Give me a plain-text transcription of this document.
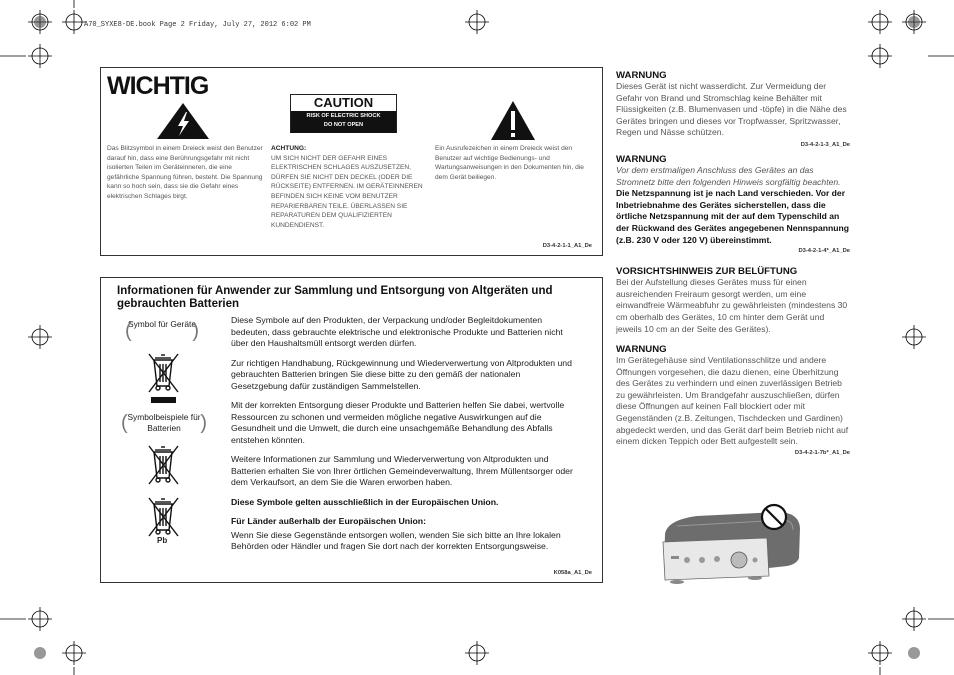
A70_SYXE8-DE.book Page 2 Friday, July 27, 2012 6:02 PM
WICHTIG
CAUTION
RISK OF ELECTRIC SHOCK
DO NOT OPEN
Das Blitzsymbol in einem Dreieck weist den Benutzer darauf hin, dass eine Berührungsgefahr mit nicht isolierten Teilen im Geräteinneren, die eine gefährliche Spannung führen, besteht. Die Spannung kann so hoch sein, dass sie die Gefahr eines elektrischen Schlages birgt.
ACHTUNG:
UM SICH NICHT DER GEFAHR EINES ELEKTRISCHEN SCHLAGES AUSZUSETZEN, DÜRFEN SIE NICHT DEN DECKEL (ODER DIE RÜCKSEITE) ENTFERNEN. IM GERÄTEINNEREN BEFINDEN SICH KEINE VOM BENUTZER REPARIERBAREN TEILE. ÜBERLASSEN SIE REPARATUREN DEM QUALIFIZIERTEN KUNDENDIENST.
Ein Ausrufezeichen in einem Dreieck weist den Benutzer auf wichtige Bedienungs- und Wartungsanweisungen in den Dokumenten hin, die dem Gerät beiliegen.
D3-4-2-1-1_A1_De
Informationen für Anwender zur Sammlung und Entsorgung von Altgeräten und gebrauchten Batterien
(
Symbol für Geräte
)
( Symbolbeispiele für Batterien )
Pb

Diese Symbole auf den Produkten, der Verpackung und/oder Begleitdokumenten bedeuten, dass gebrauchte elektrische und elektronische Produkte und Batterien nicht über den Haushaltsmüll entsorgt werden dürfen.

Zur richtigen Handhabung, Rückgewinnung und Wiederverwertung von Altprodukten und gebrauchten Batterien bringen Sie diese bitte zu den gemäß der nationalen Gesetzgebung dafür zuständigen Sammelstellen.

Mit der korrekten Entsorgung dieser Produkte und Batterien helfen Sie dabei, wertvolle Ressourcen zu schonen und vermeiden mögliche negative Auswirkungen auf die Gesundheit und die Umwelt, die durch eine unsachgemäße Behandlung des Abfalls entstehen könnten.

Weitere Informationen zur Sammlung und Wiederverwertung von Altprodukten und Batterien erhalten Sie von Ihrer örtlichen Gemeindeverwaltung, Ihrem Müllentsorger oder dem Verkaufsort, an dem Sie die Waren erworben haben.

Diese Symbole gelten ausschließlich in der Europäischen Union.

Für Länder außerhalb der Europäischen Union:
Wenn Sie diese Gegenstände entsorgen wollen, wenden Sie sich bitte an Ihre lokalen Behörden oder Händler und fragen Sie dort nach der korrekten Entsorgungsweise.

K058a_A1_De
WARNUNG
Dieses Gerät ist nicht wasserdicht. Zur Vermeidung der Gefahr von Brand und Stromschlag keine Behälter mit Flüssigkeiten (z.B. Blumenvasen und -töpfe) in die Nähe des Gerätes bringen und dieses vor Tropfwasser, Spritzwasser, Regen und Nässe schützen.
D3-4-2-1-3_A1_De
WARNUNG
Vor dem erstmaligen Anschluss des Gerätes an das Stromnetz bitte den folgenden Hinweis sorgfältig beachten.
Die Netzspannung ist je nach Land verschieden. Vor der Inbetriebnahme des Gerätes sicherstellen, dass die örtliche Netzspannung mit der auf dem Typenschild an der Rückwand des Gerätes angegebenen Nennspannung (z.B. 230 V oder 120 V) übereinstimmt.
D3-4-2-1-4*_A1_De
VORSICHTSHINWEIS ZUR BELÜFTUNG
Bei der Aufstellung dieses Gerätes muss für einen ausreichenden Freiraum gesorgt werden, um eine einwandfreie Wärmeabfuhr zu gewährleisten (mindestens 30 cm oberhalb des Gerätes, 10 cm hinter dem Gerät und jeweils 10 cm an der Seite des Gerätes).
WARNUNG
Im Gerätegehäuse sind Ventilationsschlitze und andere Öffnungen vorgesehen, die dazu dienen, eine Überhitzung des Gerätes zu verhindern und einen zuverlässigen Betrieb zu gewährleisten. Um Brandgefahr auszuschließen, dürfen diese Öffnungen auf keinen Fall blockiert oder mit Gegenständen (z.B. Zeitungen, Tischdecken und Gardinen) abgedeckt werden, und das Gerät darf beim Betrieb nicht auf einem dicken Teppich oder Bett aufgestellt sein.
D3-4-2-1-7b*_A1_De
